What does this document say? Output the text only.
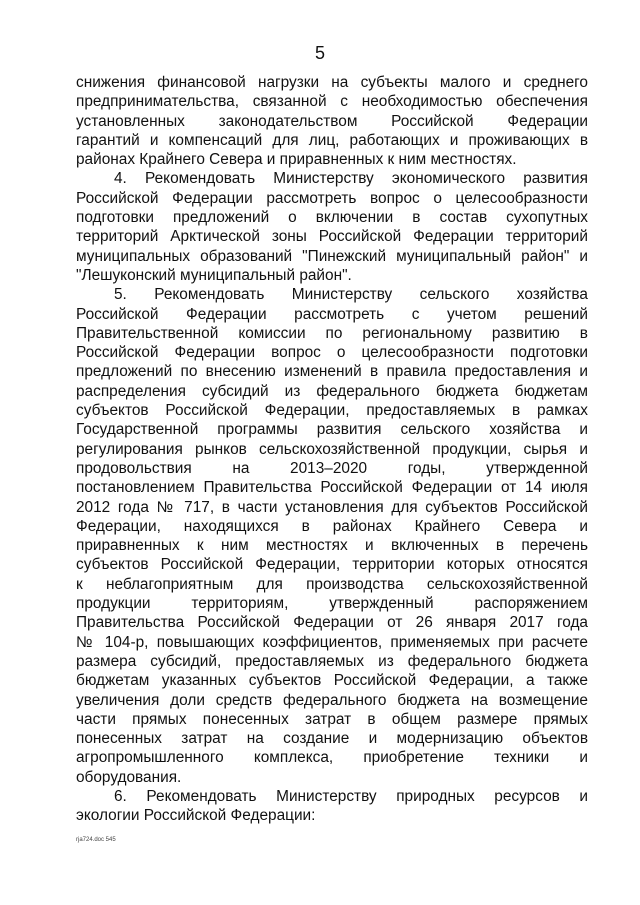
5
снижения финансовой нагрузки на субъекты малого и среднего
предпринимательства, связанной с необходимостью обеспечения
установленных законодательством Российской Федерации
гарантий и компенсаций для лиц, работающих и проживающих в
районах Крайнего Севера и приравненных к ним местностях.
4. Рекомендовать Министерству экономического развития
Российской Федерации рассмотреть вопрос о целесообразности
подготовки предложений о включении в состав сухопутных
территорий Арктической зоны Российской Федерации территорий
муниципальных образований "Пинежский муниципальный район" и
"Лешуконский муниципальный район".
5. Рекомендовать Министерству сельского хозяйства
Российской Федерации рассмотреть с учетом решений
Правительственной комиссии по региональному развитию в
Российской Федерации вопрос о целесообразности подготовки
предложений по внесению изменений в правила предоставления и
распределения субсидий из федерального бюджета бюджетам
субъектов Российской Федерации, предоставляемых в рамках
Государственной программы развития сельского хозяйства и
регулирования рынков сельскохозяйственной продукции, сырья и
продовольствия на 2013–2020 годы, утвержденной
постановлением Правительства Российской Федерации от 14 июля
2012 года № 717, в части установления для субъектов Российской
Федерации, находящихся в районах Крайнего Севера и
приравненных к ним местностях и включенных в перечень
субъектов Российской Федерации, территории которых относятся
к неблагоприятным для производства сельскохозяйственной
продукции территориям, утвержденный распоряжением
Правительства Российской Федерации от 26 января 2017 года
№ 104-р, повышающих коэффициентов, применяемых при расчете
размера субсидий, предоставляемых из федерального бюджета
бюджетам указанных субъектов Российской Федерации, а также
увеличения доли средств федерального бюджета на возмещение
части прямых понесенных затрат в общем размере прямых
понесенных затрат на создание и модернизацию объектов
агропромышленного комплекса, приобретение техники и
оборудования.
6. Рекомендовать Министерству природных ресурсов и
экологии Российской Федерации:
rja724.doc 545
